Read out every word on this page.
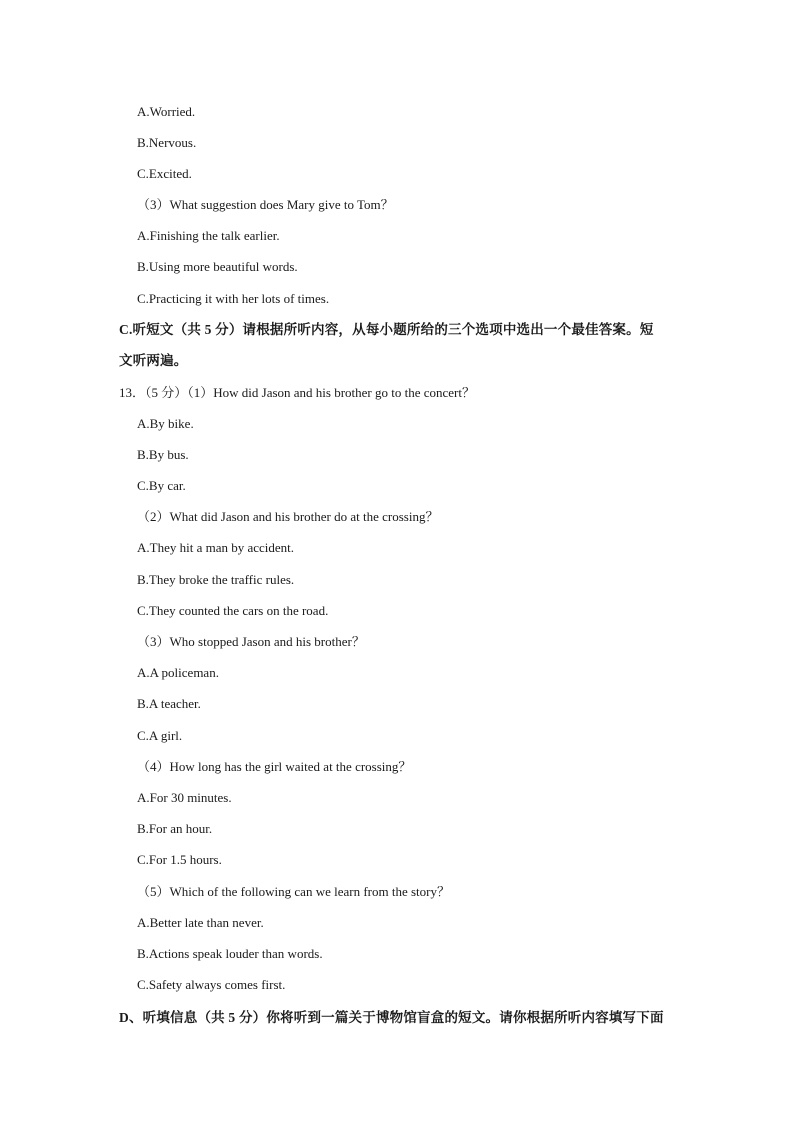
A.Worried.
B.Nervous.
C.Excited.
（3）What suggestion does Mary give to Tom？
A.Finishing the talk earlier.
B.Using more beautiful words.
C.Practicing it with her lots of times.
C.听短文（共 5 分）请根据所听内容，从每小题所给的三个选项中选出一个最佳答案。短
文听两遍。
13．（5 分）（1）How did Jason and his brother go to the concert？
A.By bike.
B.By bus.
C.By car.
（2）What did Jason and his brother do at the crossing？
A.They hit a man by accident.
B.They broke the traffic rules.
C.They counted the cars on the road.
（3）Who stopped Jason and his brother？
A.A policeman.
B.A teacher.
C.A girl.
（4）How long has the girl waited at the crossing？
A.For 30 minutes.
B.For an hour.
C.For 1.5 hours.
（5）Which of the following can we learn from the story？
A.Better late than never.
B.Actions speak louder than words.
C.Safety always comes first.
D、听填信息（共 5 分）你将听到一篇关于博物馆盲盒的短文。请你根据所听内容填写下面
